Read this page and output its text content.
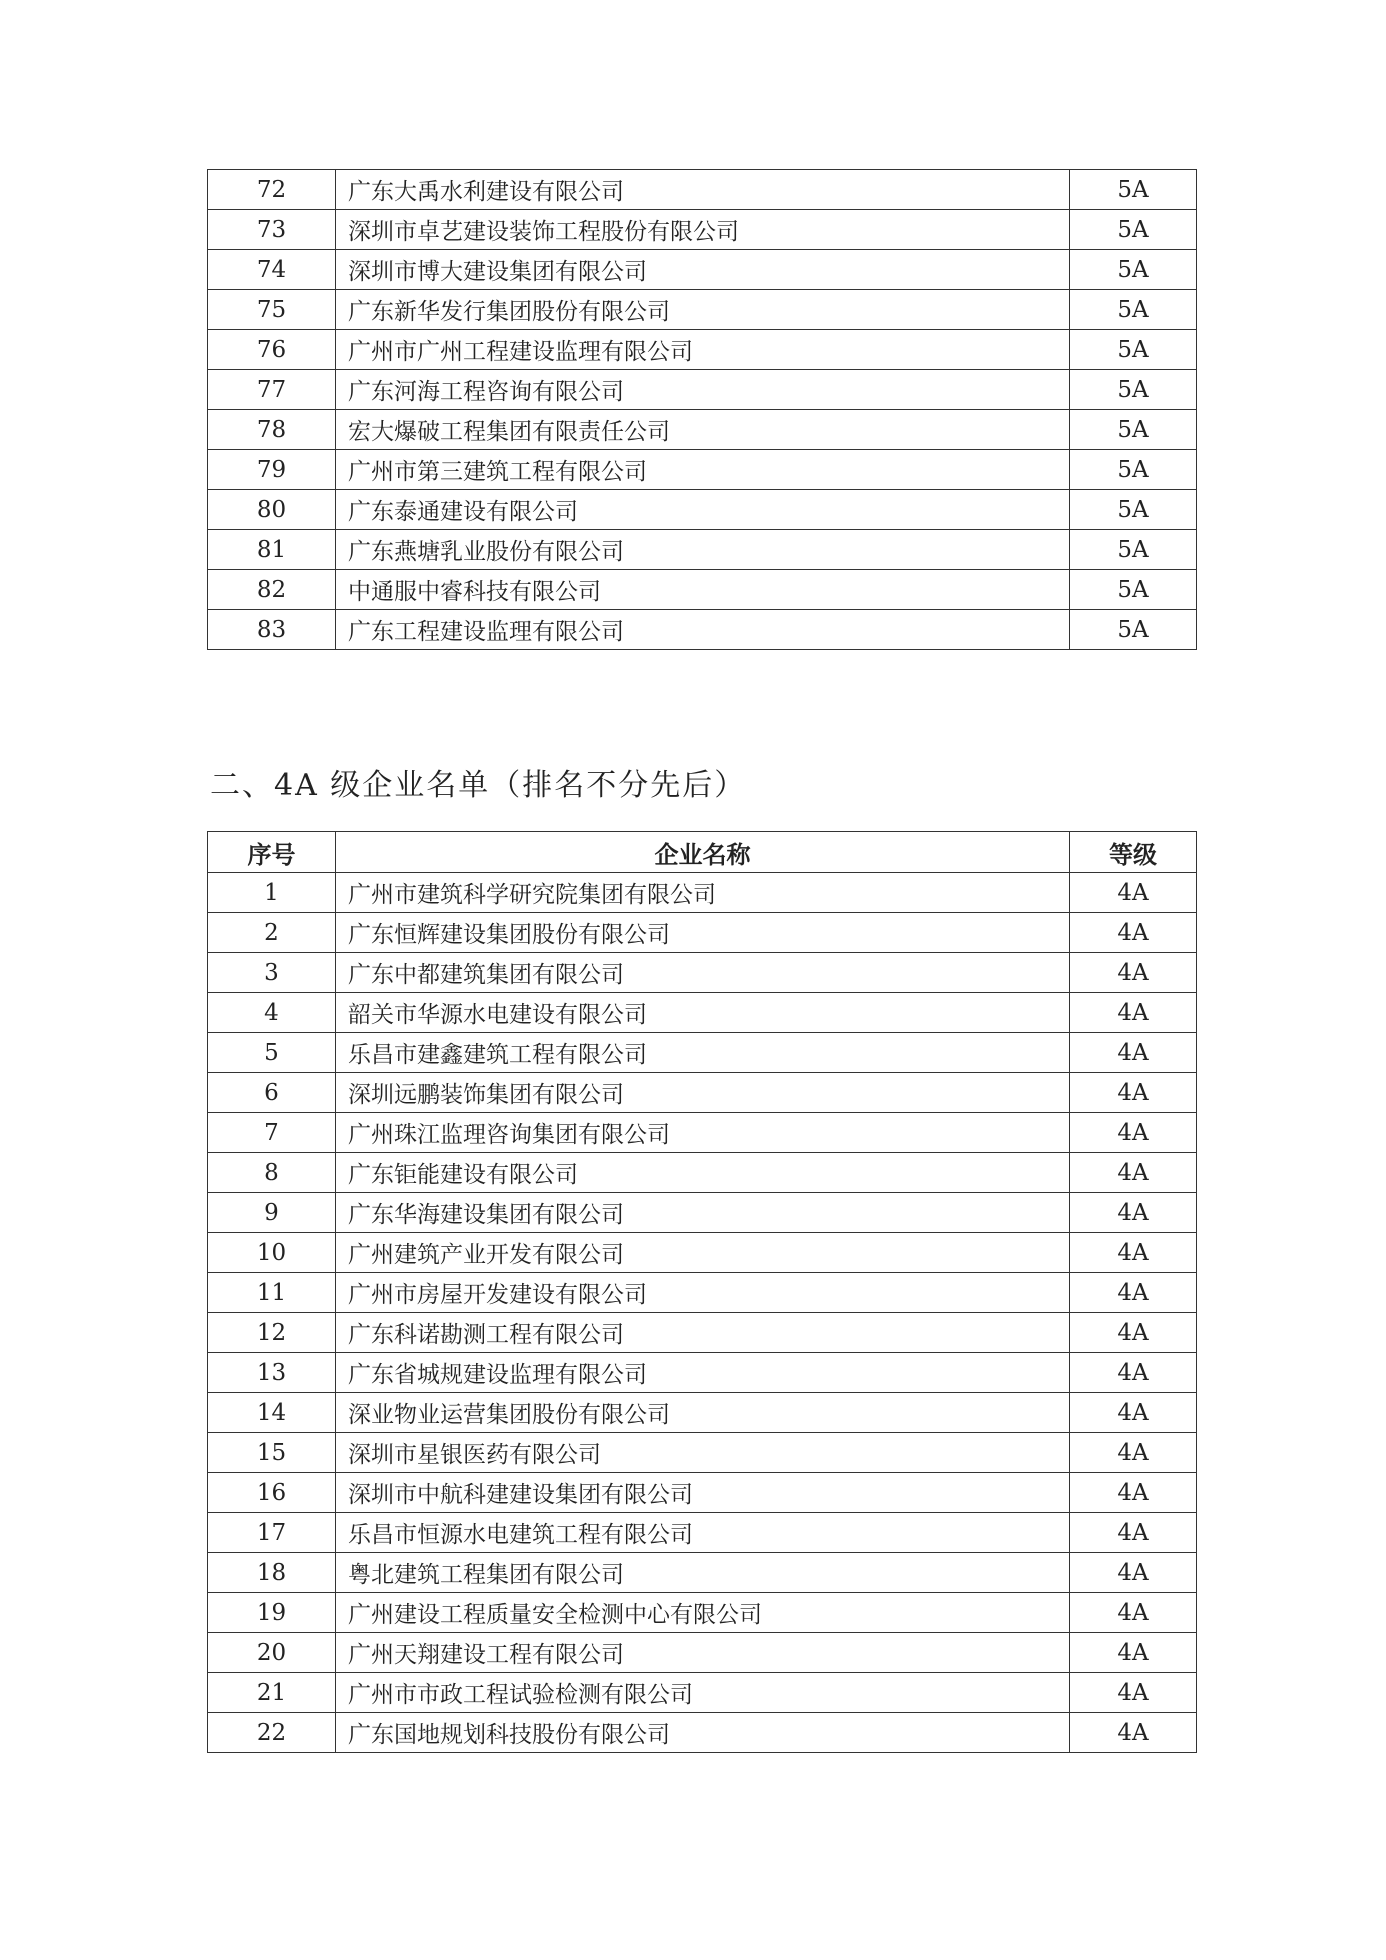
72	广东大禹水利建设有限公司	5A
73	深圳市卓艺建设装饰工程股份有限公司	5A
74	深圳市博大建设集团有限公司	5A
75	广东新华发行集团股份有限公司	5A
76	广州市广州工程建设监理有限公司	5A
77	广东河海工程咨询有限公司	5A
78	宏大爆破工程集团有限责任公司	5A
79	广州市第三建筑工程有限公司	5A
80	广东泰通建设有限公司	5A
81	广东燕塘乳业股份有限公司	5A
82	中通服中睿科技有限公司	5A
83	广东工程建设监理有限公司	5A
二、4A 级企业名单（排名不分先后）
序号	企业名称	等级
1	广州市建筑科学研究院集团有限公司	4A
2	广东恒辉建设集团股份有限公司	4A
3	广东中都建筑集团有限公司	4A
4	韶关市华源水电建设有限公司	4A
5	乐昌市建鑫建筑工程有限公司	4A
6	深圳远鹏装饰集团有限公司	4A
7	广州珠江监理咨询集团有限公司	4A
8	广东钜能建设有限公司	4A
9	广东华海建设集团有限公司	4A
10	广州建筑产业开发有限公司	4A
11	广州市房屋开发建设有限公司	4A
12	广东科诺勘测工程有限公司	4A
13	广东省城规建设监理有限公司	4A
14	深业物业运营集团股份有限公司	4A
15	深圳市星银医药有限公司	4A
16	深圳市中航科建建设集团有限公司	4A
17	乐昌市恒源水电建筑工程有限公司	4A
18	粤北建筑工程集团有限公司	4A
19	广州建设工程质量安全检测中心有限公司	4A
20	广州天翔建设工程有限公司	4A
21	广州市市政工程试验检测有限公司	4A
22	广东国地规划科技股份有限公司	4A
